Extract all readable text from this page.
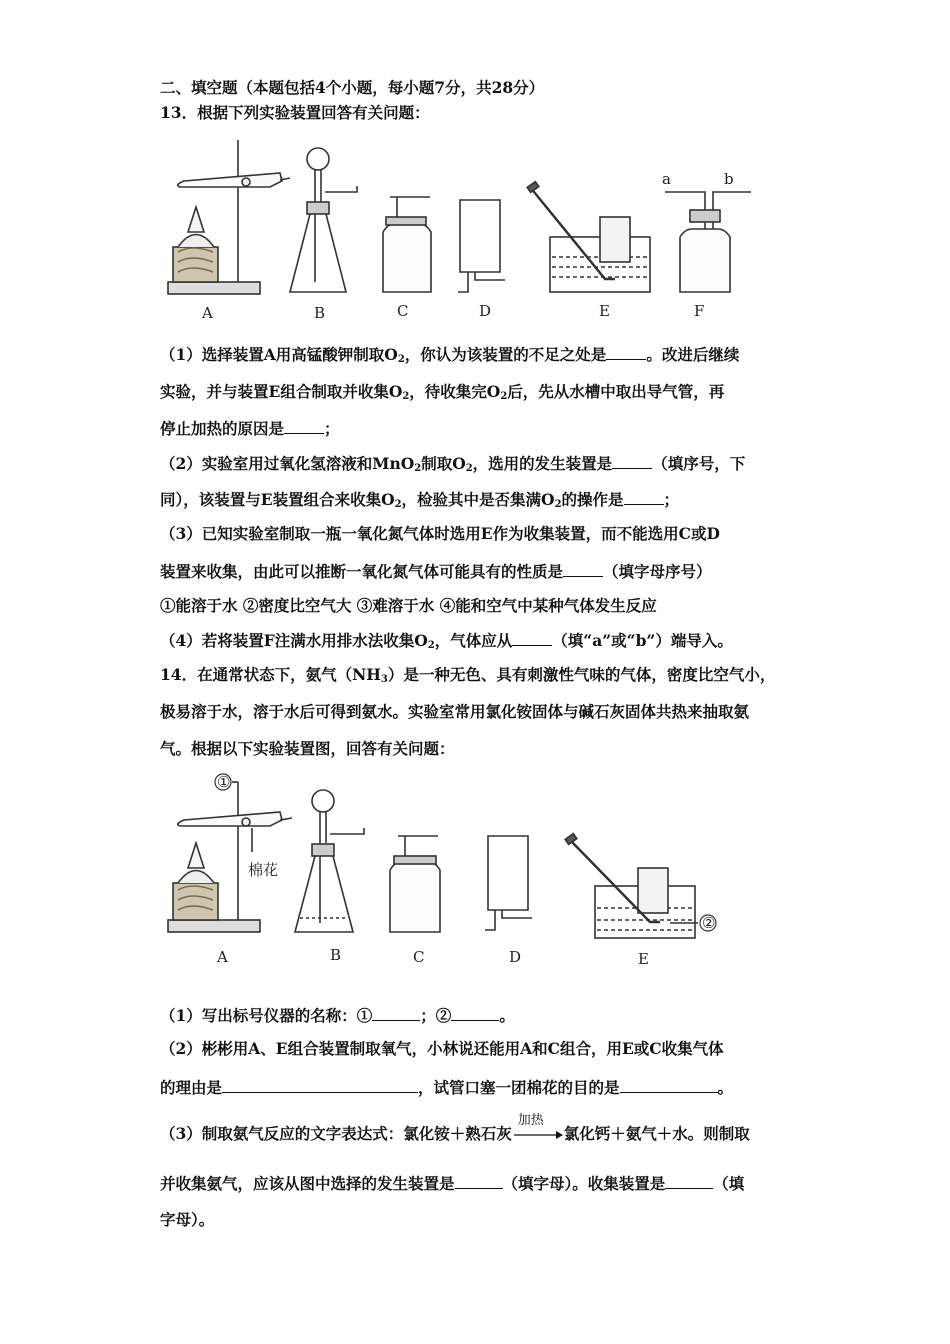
二、填空题（本题包括4个小题，每小题7分，共28分）
13．根据下列实验装置回答有关问题：
a	b
A	B	C	D	E	F
（1）选择装置A用高锰酸钾制取$O_2$，你认为该装置的不足之处是	。改进后继续
实验，并与装置E组合制取并收集$O_2$，待收集完$O_2$后，先从水槽中取出导气管，再
停止加热的原因是	；
（2）实验室用过氧化氢溶液和MnO$_2$制取$O_2$，选用的发生装置是	（填序号，下
同），该装置与E装置组合来收集$O_2$，检验其中是否集满$O_2$的操作是	；
（3）已知实验室制取一瓶一氧化氮气体时选用E作为收集装置，而不能选用C或D
装置来收集，由此可以推断一氧化氮气体可能具有的性质是	（填字母序号）
①能溶于水 ②密度比空气大 ③难溶于水 ④能和空气中某种气体发生反应
（4）若将装置F注满水用排水法收集$O_2$，气体应从	（填“a”或“b”）端导入。
14．在通常状态下，氨气$(NH_3)$是一种无色、具有刺激性气味的气体，密度比空气小，
极易溶于水，溶于水后可得到氨水。实验室常用氯化铵固体与碱石灰固体共热来抽取氨
气。根据以下实验装置图，回答有关问题：
①
棉花
②
A	B	C	D	E
（1）写出标号仪器的名称：①	；②	。
（2）彬彬用A、E组合装置制取氧气，小林说还能用A和C组合，用E或C收集气体
的理由是	，试管口塞一团棉花的目的是	。
（3）制取氨气反应的文字表达式：氯化铵＋熟石灰
加热
氯化钙＋氨气＋水。则制取
并收集氨气，应该从图中选择的发生装置是	（填字母）。收集装置是	（填
字母）。
